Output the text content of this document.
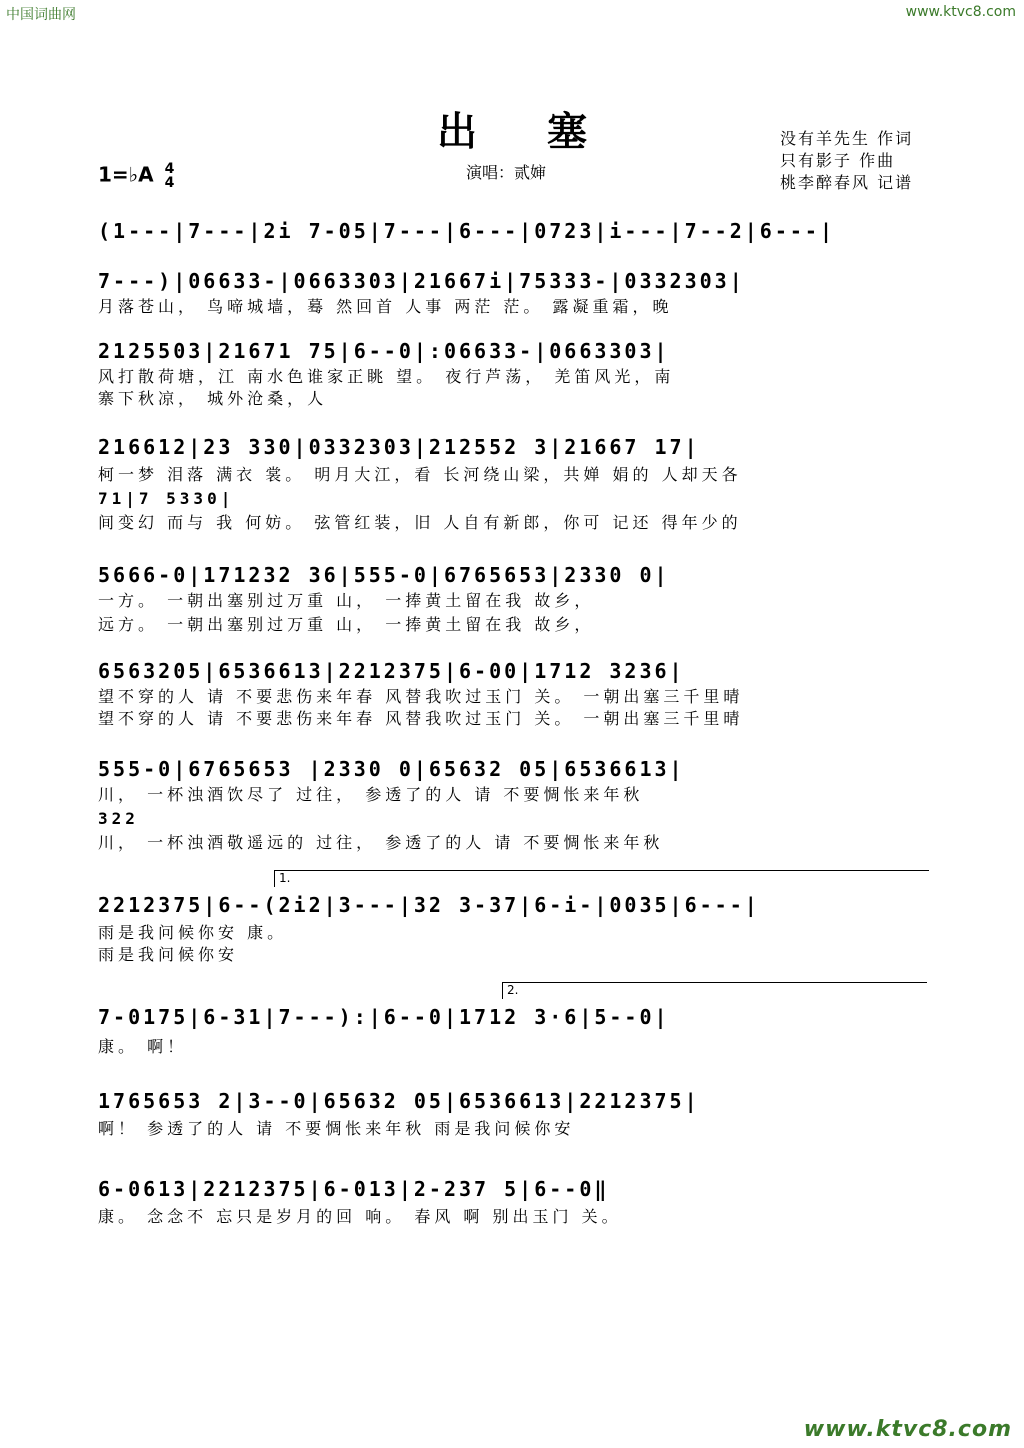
中国词曲网	www.ktvc8.com
出塞	没有羊先生 作词
只有影子 作曲
桃李醉春风 记谱
1=♭A 4
4
演唱：贰婶
(1---|7---|2i 7-05|7---|6---|0723|i---|7--2|6---|
7---)|06633-|0663303|21667i|75333-|0332303|
月落苍山， 鸟啼城墙，蓦 然回首 人事 两茫 茫。 露凝重霜，晚
2125503|21671 75|6--0|:06633-|0663303|
风打散荷塘，江 南水色谁家正眺 望。 夜行芦荡， 羌笛风光，南
寨下秋凉， 城外沧桑，人
216612|23 330|0332303|212552 3|21667 17|
柯一梦 泪落 满衣 裳。 明月大江，看 长河绕山梁，共婵 娟的 人却天各
71|7 5330|
间变幻 而与 我 何妨。 弦管红装，旧 人自有新郎，你可 记还 得年少的
5666-0|171232 36|555-0|6765653|2330 0|
一方。 一朝出塞别过万重 山， 一捧黄土留在我 故乡，
远方。 一朝出塞别过万重 山， 一捧黄土留在我 故乡，
6563205|6536613|2212375|6-00|1712 3236|
望不穿的人 请 不要悲伤来年春 风替我吹过玉门 关。 一朝出塞三千里晴
望不穿的人 请 不要悲伤来年春 风替我吹过玉门 关。 一朝出塞三千里晴
555-0|6765653 |2330 0|65632 05|6536613|
川， 一杯浊酒饮尽了 过往， 参透了的人 请 不要惆怅来年秋
322
川， 一杯浊酒敬遥远的 过往， 参透了的人 请 不要惆怅来年秋
1.
2212375|6--(2i2|3---|32 3-37|6-i-|0035|6---|
雨是我问候你安 康。
雨是我问候你安
2.
7-0175|6-31|7---):|6--0|1712 3·6|5--0|
康。 啊！
1765653 2|3--0|65632 05|6536613|2212375|
啊！ 参透了的人 请 不要惆怅来年秋 雨是我问候你安
6-0613|2212375|6-013|2-237 5|6--0‖
康。 念念不 忘只是岁月的回 响。 春风 啊 别出玉门 关。
www.ktvc8.com
